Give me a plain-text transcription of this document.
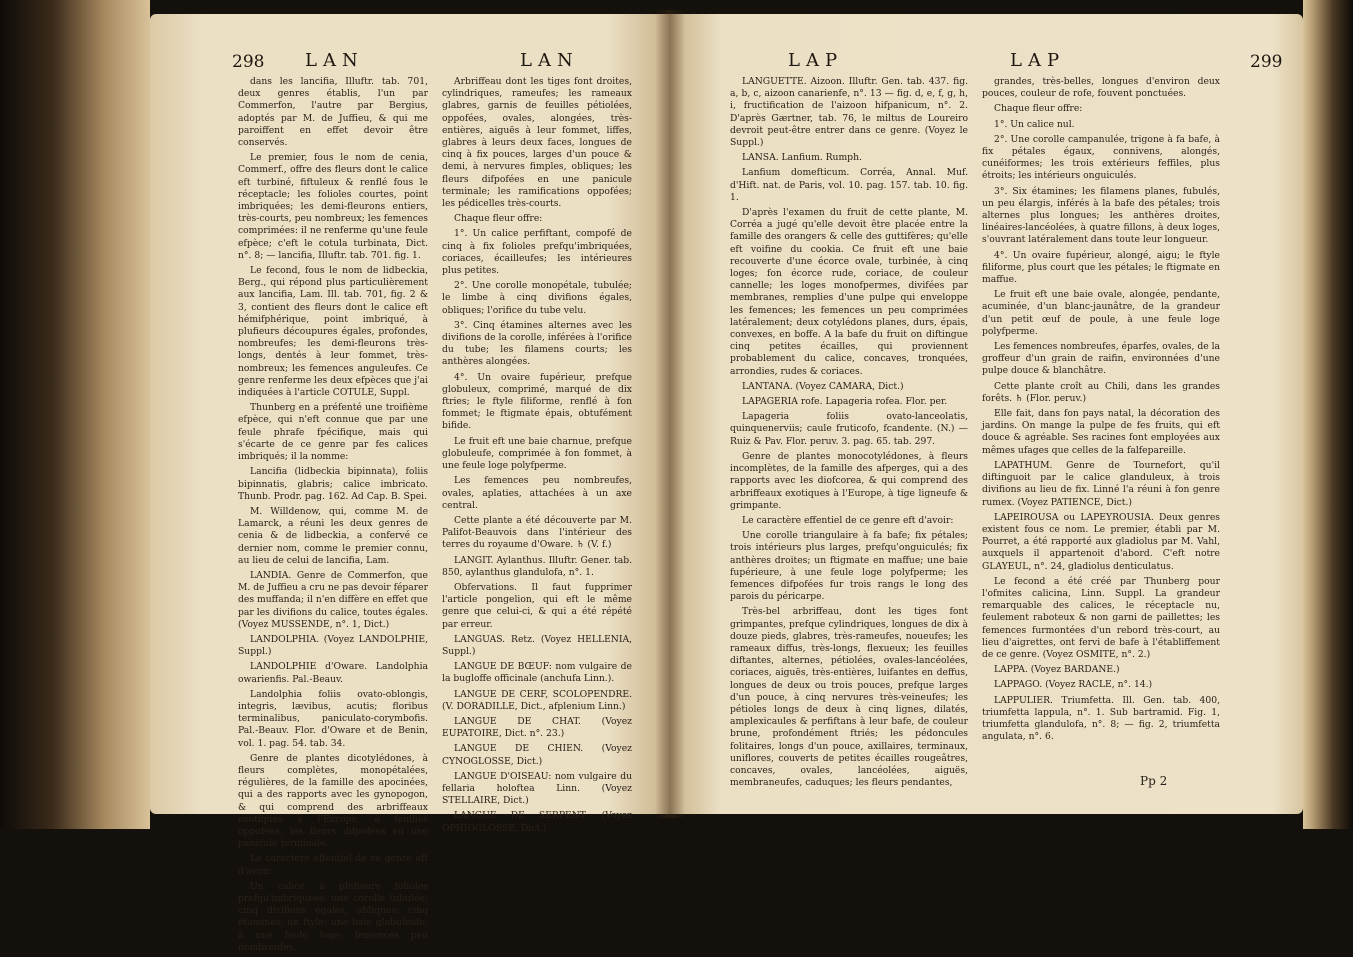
298 LAN	LAN

dans les lancifia, Illuftr. tab. 701, deux genres établis, l'un par Commerfon, l'autre par Bergius, adoptés par M. de Juffieu, & qui me paroiffent en effet devoir être conservés.

Le premier, fous le nom de cenia, Commerf., offre des fleurs dont le calice eft turbiné, fiftuleux & renflé fous le réceptacle; les folioles courtes, point imbriquées; les demi-fleurons entiers, très-courts, peu nombreux; les femences comprimées: il ne renferme qu'une feule efpèce; c'eft le cotula turbinata, Dict. n°. 8; — lancifia, Illuftr. tab. 701. fig. 1.

Le fecond, fous le nom de lidbeckia, Berg., qui répond plus particulièrement aux lancifia, Lam. Ill. tab. 701, fig. 2 & 3, contient des fleurs dont le calice eft hémifphérique, point imbriqué, à plufieurs découpures égales, profondes, nombreufes; les demi-fleurons très-longs, dentés à leur fommet, très-nombreux; les femences anguleufes. Ce genre renferme les deux efpèces que j'ai indiquées à l'article COTULE, Suppl.

Thunberg en a préfenté une troifième efpèce, qui n'eft connue que par une feule phrafe fpécifique, mais qui s'écarte de ce genre par fes calices imbriqués; il la nomme:

Lancifia (lidbeckia bipinnata), foliis bipinnatis, glabris; calice imbricato. Thunb. Prodr. pag. 162. Ad Cap. B. Spei.

M. Willdenow, qui, comme M. de Lamarck, a réuni les deux genres de cenia & de lidbeckia, a confervé ce dernier nom, comme le premier connu, au lieu de celui de lancifia, Lam.

LANDIA. Genre de Commerfon, que M. de Juffieu a cru ne pas devoir féparer des muffanda; il n'en diffère en effet que par les divifions du calice, toutes égales. (Voyez MUSSENDE, n°. 1, Dict.)

LANDOLPHIA. (Voyez LANDOLPHIE, Suppl.)

LANDOLPHIE d'Oware. Landolphia owarienfis. Pal.-Beauv.

Landolphia foliis ovato-oblongis, integris, lævibus, acutis; floribus terminalibus, paniculato-corymbofis. Pal.-Beauv. Flor. d'Oware et de Benin, vol. 1. pag. 54. tab. 34.

Genre de plantes dicotylédones, à fleurs complètes, monopétalées, régulières, de la famille des apocinées, qui a des rapports avec les gynopogon, & qui comprend des arbriffeaux exotiques à l'Europe, à feuilles oppofées; les fleurs difpofées en une panicule terminale.

Le caractère effentiel de ce genre eft d'avoir:

Un calice à plufieurs folioles prefqu'imbriquées; une corolle tubulée; cinq divifions égales, obliques; cinq étamines; un ftyle; une baie globuleufe, à une feule loge; femences peu nombreufes.

Arbriffeau dont les tiges font droites, cylindriques, rameufes; les rameaux glabres, garnis de feuilles pétiolées, oppofées, ovales, alongées, très-entières, aiguës à leur fommet, liffes, glabres à leurs deux faces, longues de cinq à fix pouces, larges d'un pouce & demi, à nervures fimples, obliques; les fleurs difpofées en une panicule terminale; les ramifications oppofées; les pédicelles très-courts.

Chaque fleur offre:

1°. Un calice perfiftant, compofé de cinq à fix folioles prefqu'imbriquées, coriaces, écailleufes; les intérieures plus petites.

2°. Une corolle monopétale, tubulée; le limbe à cinq divifions égales, obliques; l'orifice du tube velu.

3°. Cinq étamines alternes avec les divifions de la corolle, inférées à l'orifice du tube; les filamens courts; les anthères alongées.

4°. Un ovaire fupérieur, prefque globuleux, comprimé, marqué de dix ftries; le ftyle filiforme, renflé à fon fommet; le ftigmate épais, obtufément bifide.

Le fruit eft une baie charnue, prefque globuleufe, comprimée à fon fommet, à une feule loge polyfperme.

Les femences peu nombreufes, ovales, aplaties, attachées à un axe central.

Cette plante a été découverte par M. Palifot-Beauvois dans l'intérieur des terres du royaume d'Oware. ♄ (V. f.)

LANGIT. Aylanthus. Illuftr. Gener. tab. 850, aylanthus glandulofa, n°. 1.

Obfervations. Il faut fupprimer l'article pongelion, qui eft le même genre que celui-ci, & qui a été répété par erreur.

LANGUAS. Retz. (Voyez HELLENIA, Suppl.)

LANGUE DE BŒUF: nom vulgaire de la bugloffe officinale (anchufa Linn.).

LANGUE DE CERF, SCOLOPENDRE. (V. DORADILLE, Dict., afplenium Linn.)

LANGUE DE CHAT. (Voyez EUPATOIRE, Dict. n°. 23.)

LANGUE DE CHIEN. (Voyez CYNOGLOSSE, Dict.)

LANGUE D'OISEAU: nom vulgaire du fellaria holoftea Linn. (Voyez STELLAIRE, Dict.)

LANGUE DE SERPENT. (Voyez OPHIOGLOSSE, Dict.)

LAP	LAP	299

LANGUETTE. Aizoon. Illuftr. Gen. tab. 437. fig. a, b, c, aizoon canarienfe, n°. 13 — fig. d, e, f, g, h, i, fructification de l'aizoon hifpanicum, n°. 2. D'après Gærtner, tab. 76, le miltus de Loureiro devroit peut-être entrer dans ce genre. (Voyez le Suppl.)

LANSA. Lanfium. Rumph.

Lanfium domefticum. Corréa, Annal. Muf. d'Hift. nat. de Paris, vol. 10. pag. 157. tab. 10. fig. 1.

D'après l'examen du fruit de cette plante, M. Corréa a jugé qu'elle devoit être placée entre la famille des orangers & celle des guttifères; qu'elle eft voifine du cookia. Ce fruit eft une baie recouverte d'une écorce ovale, turbinée, à cinq loges; fon écorce rude, coriace, de couleur cannelle; les loges monofpermes, divifées par membranes, remplies d'une pulpe qui enveloppe les femences; les femences un peu comprimées latéralement; deux cotylédons planes, durs, épais, convexes, en boffe. A la bafe du fruit on diftingue cinq petites écailles, qui proviennent probablement du calice, concaves, tronquées, arrondies, rudes & coriaces.

LANTANA. (Voyez CAMARA, Dict.)

LAPAGERIA rofe. Lapageria rofea. Flor. per.

Lapageria foliis ovato-lanceolatis, quinquenerviis; caule fruticofo, fcandente. (N.) — Ruiz & Pav. Flor. peruv. 3. pag. 65. tab. 297.

Genre de plantes monocotylédones, à fleurs incomplètes, de la famille des afperges, qui a des rapports avec les diofcorea, & qui comprend des arbriffeaux exotiques à l'Europe, à tige ligneufe & grimpante.

Le caractère effentiel de ce genre eft d'avoir:

Une corolle triangulaire à fa bafe; fix pétales; trois intérieurs plus larges, prefqu'onguiculés; fix anthères droites; un ftigmate en maffue; une baie fupérieure, à une feule loge polyfperme; les femences difpofées fur trois rangs le long des parois du péricarpe.

Très-bel arbriffeau, dont les tiges font grimpantes, prefque cylindriques, longues de dix à douze pieds, glabres, très-rameufes, noueufes; les rameaux diffus, très-longs, flexueux; les feuilles diftantes, alternes, pétiolées, ovales-lancéolées, coriaces, aiguës, très-entières, luifantes en deffus, longues de deux ou trois pouces, prefque larges d'un pouce, à cinq nervures très-veineufes; les pétioles longs de deux à cinq lignes, dilatés, amplexicaules & perfiftans à leur bafe, de couleur brune, profondément ftriés; les pédoncules folitaires, longs d'un pouce, axillaires, terminaux, uniflores, couverts de petites écailles rougeâtres, concaves, ovales, lancéolées, aiguës, membraneufes, caduques; les fleurs pendantes,

grandes, très-belles, longues d'environ deux pouces, couleur de rofe, fouvent ponctuées.

Chaque fleur offre:

1°. Un calice nul.

2°. Une corolle campanulée, trigone à fa bafe, à fix pétales égaux, connivens, alongés, cunéiformes; les trois extérieurs feffiles, plus étroits; les intérieurs onguiculés.

3°. Six étamines; les filamens planes, fubulés, un peu élargis, inférés à la bafe des pétales; trois alternes plus longues; les anthères droites, linéaires-lancéolées, à quatre fillons, à deux loges, s'ouvrant latéralement dans toute leur longueur.

4°. Un ovaire fupérieur, alongé, aigu; le ftyle filiforme, plus court que les pétales; le ftigmate en maffue.

Le fruit eft une baie ovale, alongée, pendante, acuminée, d'un blanc-jaunâtre, de la grandeur d'un petit œuf de poule, à une feule loge polyfperme.

Les femences nombreufes, éparfes, ovales, de la groffeur d'un grain de raifin, environnées d'une pulpe douce & blanchâtre.

Cette plante croît au Chili, dans les grandes forêts. ♄ (Flor. peruv.)

Elle fait, dans fon pays natal, la décoration des jardins. On mange la pulpe de fes fruits, qui eft douce & agréable. Ses racines font employées aux mêmes ufages que celles de la falfepareille.

LAPATHUM. Genre de Tournefort, qu'il diftinguoit par le calice glanduleux, à trois divifions au lieu de fix. Linné l'a réuni à fon genre rumex. (Voyez PATIENCE, Dict.)

LAPEIROUSA ou LAPEYROUSIA. Deux genres existent fous ce nom. Le premier, établi par M. Pourret, a été rapporté aux gladiolus par M. Vahl, auxquels il appartenoit d'abord. C'eft notre GLAYEUL, n°. 24, gladiolus denticulatus.

Le fecond a été créé par Thunberg pour l'ofmites calicina, Linn. Suppl. La grandeur remarquable des calices, le réceptacle nu, feulement raboteux & non garni de paillettes; les femences furmontées d'un rebord très-court, au lieu d'aigrettes, ont fervi de bafe à l'établiffement de ce genre. (Voyez OSMITE, n°. 2.)

LAPPA. (Voyez BARDANE.)

LAPPAGO. (Voyez RACLE, n°. 14.)

LAPPULIER. Triumfetta. Ill. Gen. tab. 400, triumfetta lappula, n°. 1. Sub bartramid. Fig. 1, triumfetta glandulofa, n°. 8; — fig. 2, triumfetta angulata, n°. 6.

Pp 2
